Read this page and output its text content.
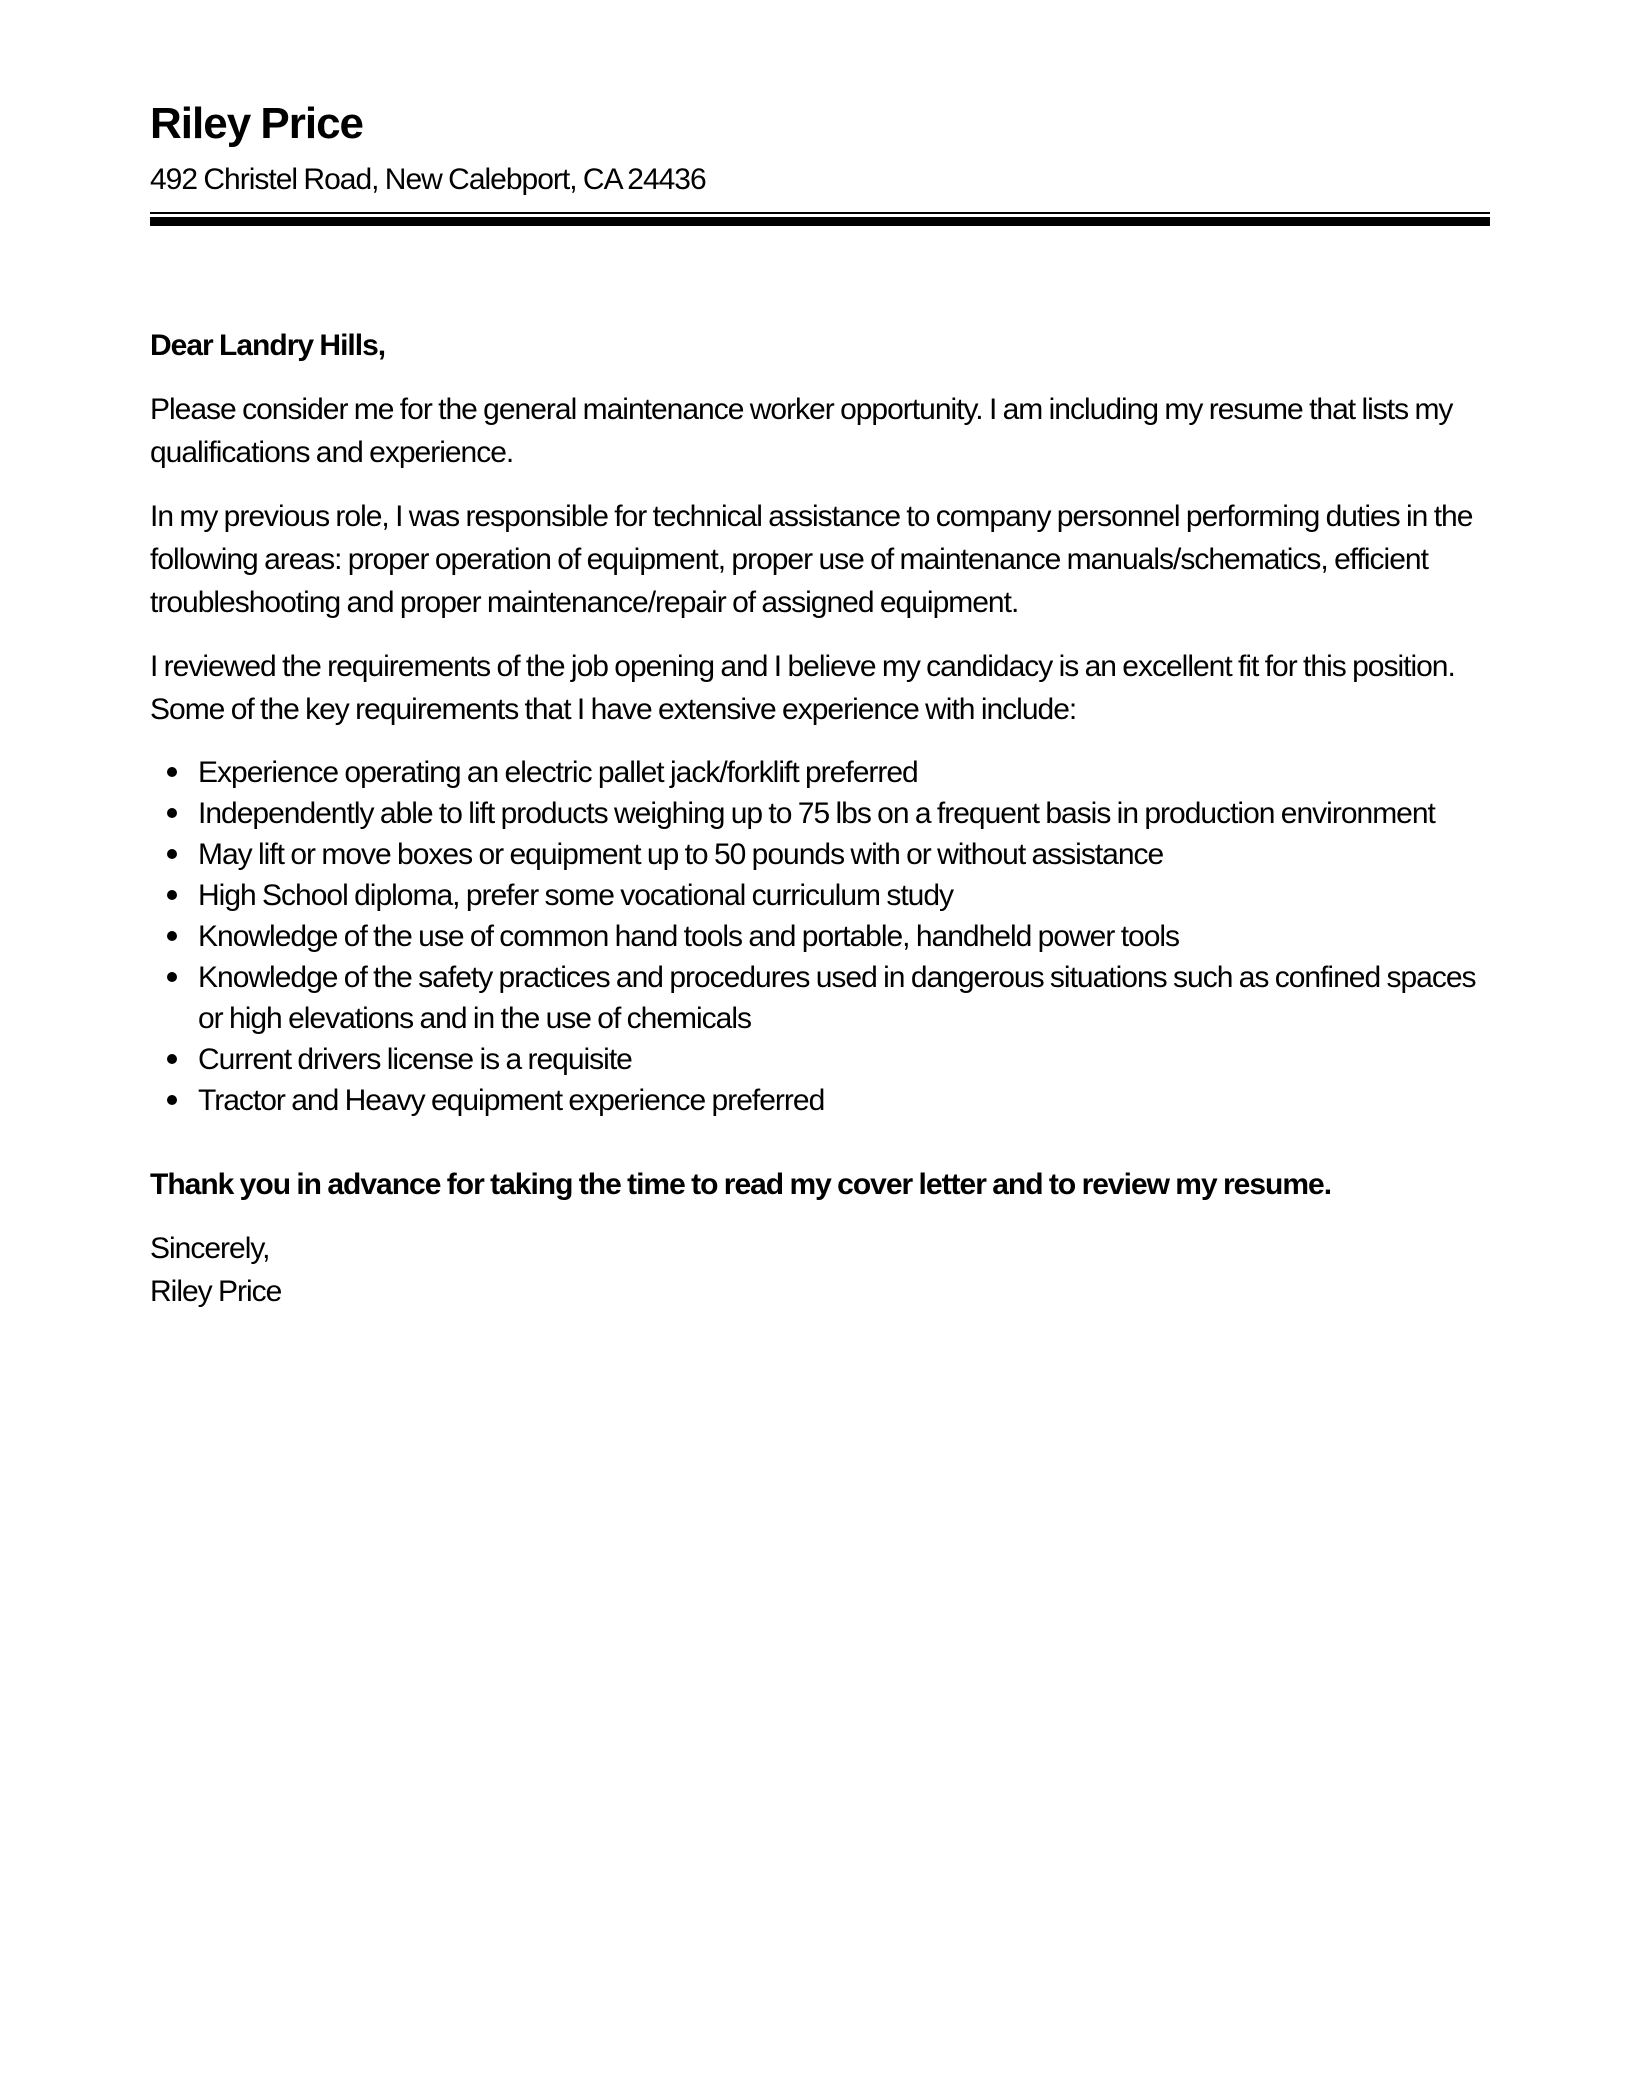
Riley Price
492 Christel Road, New Calebport, CA 24436

Dear Landry Hills,

Please consider me for the general maintenance worker opportunity. I am including my resume that lists my qualifications and experience.

In my previous role, I was responsible for technical assistance to company personnel performing duties in the following areas: proper operation of equipment, proper use of maintenance manuals/schematics, efficient troubleshooting and proper maintenance/repair of assigned equipment.

I reviewed the requirements of the job opening and I believe my candidacy is an excellent fit for this position. Some of the key requirements that I have extensive experience with include:

Experience operating an electric pallet jack/forklift preferred
Independently able to lift products weighing up to 75 lbs on a frequent basis in production environment
May lift or move boxes or equipment up to 50 pounds with or without assistance
High School diploma, prefer some vocational curriculum study
Knowledge of the use of common hand tools and portable, handheld power tools
Knowledge of the safety practices and procedures used in dangerous situations such as confined spaces or high elevations and in the use of chemicals
Current drivers license is a requisite
Tractor and Heavy equipment experience preferred

Thank you in advance for taking the time to read my cover letter and to review my resume.

Sincerely,
Riley Price
